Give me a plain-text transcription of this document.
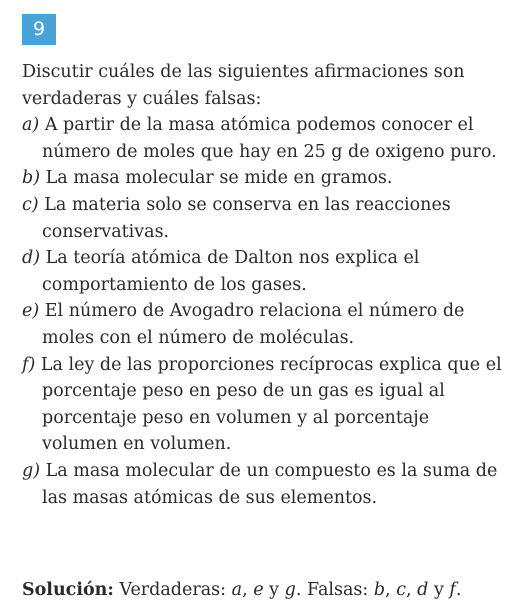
9

Discutir cuáles de las siguientes afirmaciones son verdaderas y cuáles falsas:

a) A partir de la masa atómica podemos conocer el número de moles que hay en 25 g de oxigeno puro.
b) La masa molecular se mide en gramos.
c) La materia solo se conserva en las reacciones conservativas.
d) La teoría atómica de Dalton nos explica el comportamiento de los gases.
e) El número de Avogadro relaciona el número de moles con el número de moléculas.
f) La ley de las proporciones recíprocas explica que el porcentaje peso en peso de un gas es igual al porcentaje peso en volumen y al porcentaje volumen en volumen.
g) La masa molecular de un compuesto es la suma de las masas atómicas de sus elementos.
Solución: Verdaderas: a, e y g. Falsas: b, c, d y f.
